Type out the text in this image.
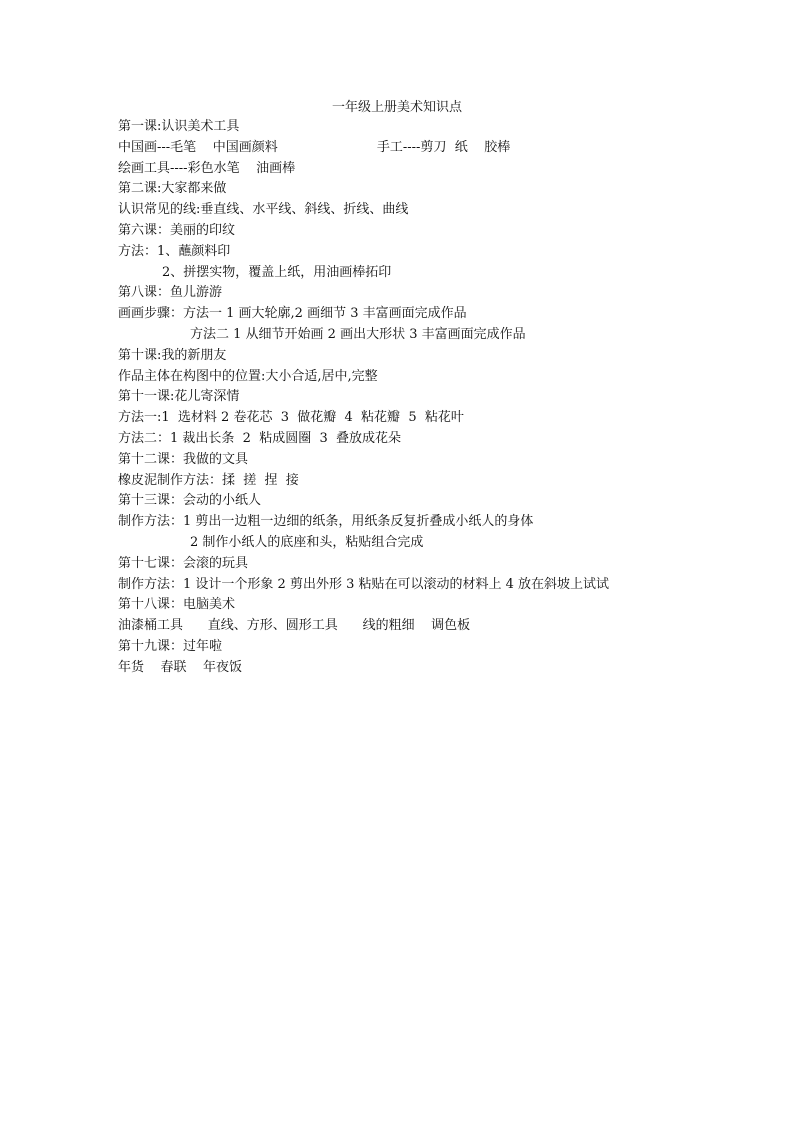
一年级上册美术知识点
第一课:认识美术工具
中国画---毛笔    中国画颜料                        手工----剪刀  纸    胶棒
绘画工具----彩色水笔    油画棒
第二课:大家都来做
认识常见的线:垂直线、水平线、斜线、折线、曲线
第六课：美丽的印纹
方法：1、蘸颜料印
2、拼摆实物，覆盖上纸，用油画棒拓印
第八课：鱼儿游游
画画步骤：方法一 1 画大轮廓,2 画细节 3 丰富画面完成作品
方法二 1 从细节开始画 2 画出大形状 3 丰富画面完成作品
第十课:我的新朋友
作品主体在构图中的位置:大小合适,居中,完整
第十一课:花儿寄深情
方法一:1  选材料 2 卷花芯  3  做花瓣  4  粘花瓣  5  粘花叶
方法二：1 裁出长条  2  粘成圆圈  3  叠放成花朵
第十二课：我做的文具
橡皮泥制作方法：揉  搓  捏  接
第十三课：会动的小纸人
制作方法：1 剪出一边粗一边细的纸条，用纸条反复折叠成小纸人的身体
2 制作小纸人的底座和头，粘贴组合完成
第十七课：会滚的玩具
制作方法：1 设计一个形象 2 剪出外形 3 粘贴在可以滚动的材料上 4 放在斜坡上试试
第十八课：电脑美术
油漆桶工具      直线、方形、圆形工具      线的粗细    调色板
第十九课：过年啦
年货    春联    年夜饭
